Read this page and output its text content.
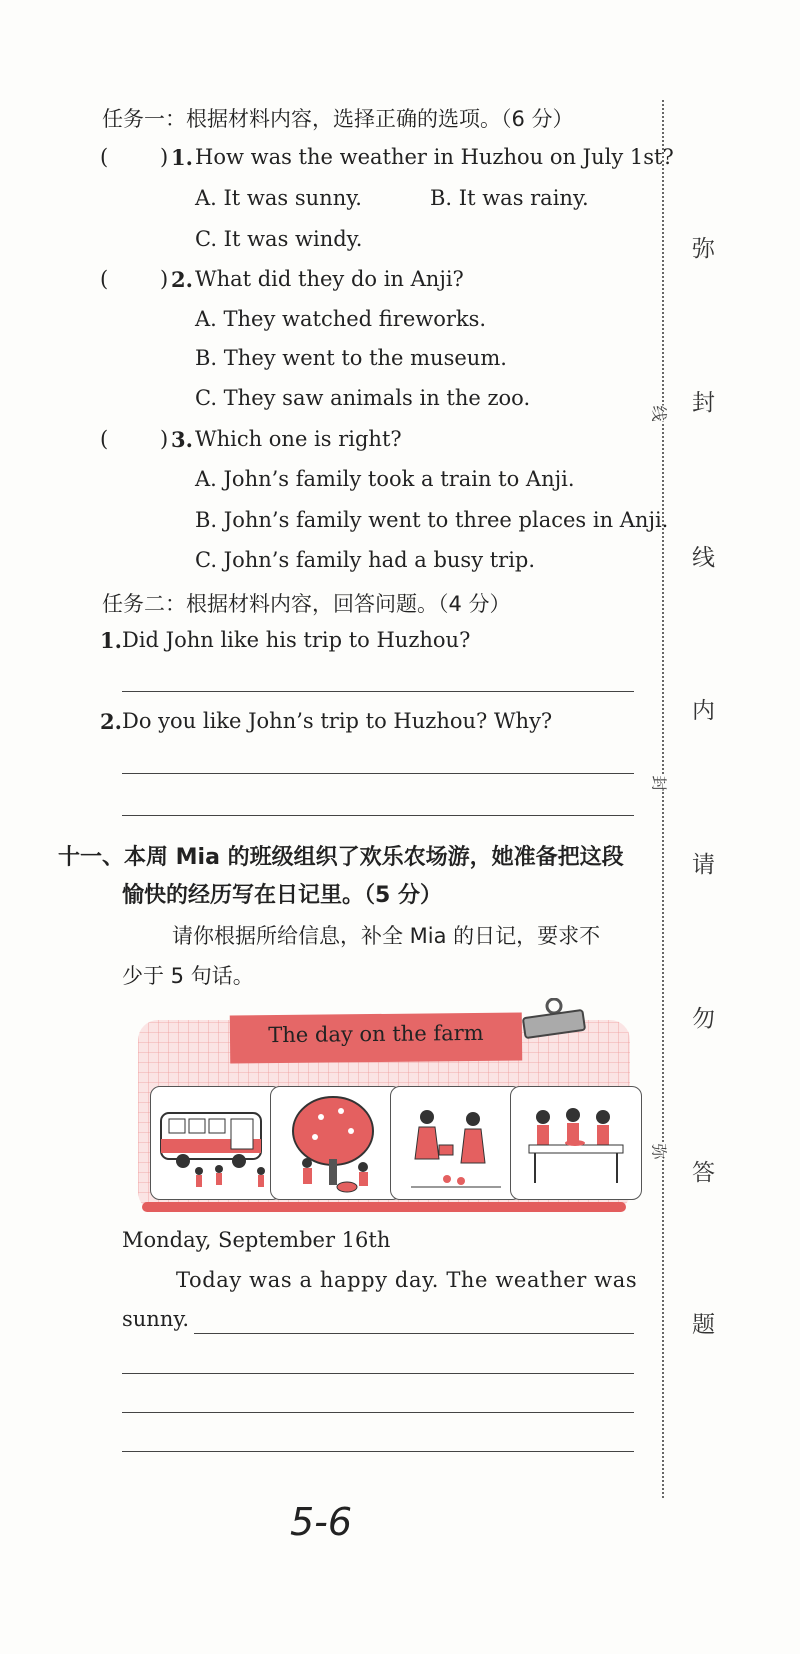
任务一：根据材料内容，选择正确的选项。（6 分）
( ) 1. How was the weather in Huzhou on July 1st?
A. It was sunny.	B. It was rainy.
C. It was windy.
( ) 2. What did they do in Anji?
A. They watched fireworks.
B. They went to the museum.
C. They saw animals in the zoo.
( ) 3. Which one is right?
A. John’s family took a train to Anji.
B. John’s family went to three places in Anji.
C. John’s family had a busy trip.
任务二：根据材料内容，回答问题。（4 分）
1. Did John like his trip to Huzhou?
2. Do you like John’s trip to Huzhou? Why?
十一、本周 Mia 的班级组织了欢乐农场游，她准备把这段
愉快的经历写在日记里。（5 分）
请你根据所给信息，补全 Mia 的日记，要求不
少于 5 句话。
The day on the farm
Monday, September 16th
Today was a happy day. The weather was
sunny.
线
封
弥
弥
封
线
内
请
勿
答
题
5-6
